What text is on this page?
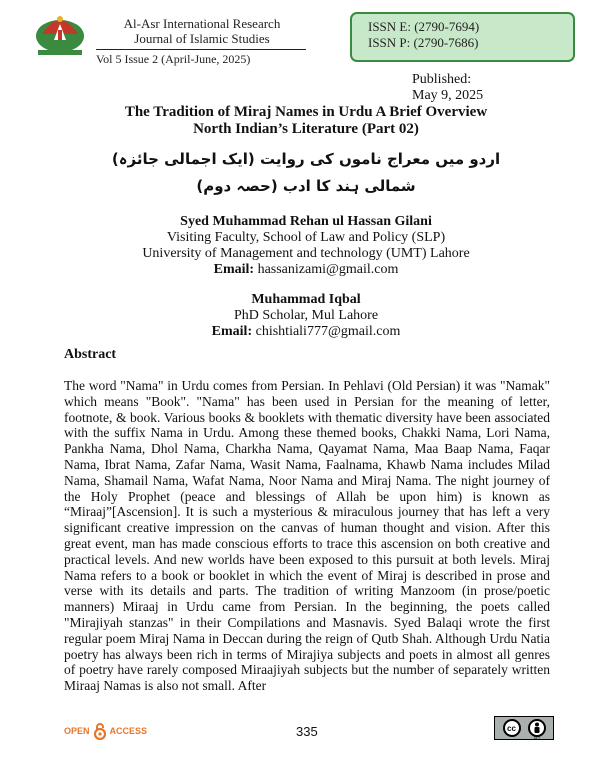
Al-Asr International Research
Journal of Islamic Studies
Vol 5 Issue 2 (April-June, 2025)
ISSN E: (2790-7694)
ISSN P: (2790-7686)
Published:
May 9, 2025
The Tradition of Miraj Names in Urdu A Brief Overview
North Indian’s Literature (Part 02)
اردو میں معراج ناموں کی روایت (ایک اجمالی جائزہ)
شمالی ہند کا ادب (حصہ دوم)
Syed Muhammad Rehan ul Hassan Gilani
Visiting Faculty, School of Law and Policy (SLP)
University of Management and technology (UMT) Lahore
Email: hassanizami@gmail.com
Muhammad Iqbal
PhD Scholar, Mul Lahore
Email: chishtiali777@gmail.com
Abstract
The word "Nama" in Urdu comes from Persian. In Pehlavi (Old Persian) it was "Namak" which means "Book". "Nama" has been used in Persian for the meaning of letter, footnote, & book. Various books & booklets with thematic diversity have been associated with the suffix Nama in Urdu. Among these themed books, Chakki Nama, Lori Nama, Pankha Nama, Dhol Nama, Charkha Nama, Qayamat Nama, Maa Baap Nama, Faqar Nama, Ibrat Nama, Zafar Nama, Wasit Nama, Faalnama, Khawb Nama includes Milad Nama, Shamail Nama, Wafat Nama, Noor Nama and Miraj Nama. The night journey of the Holy Prophet (peace and blessings of Allah be upon him) is known as “Miraaj”[Ascension]. It is such a mysterious & miraculous journey that has left a very significant creative impression on the canvas of human thought and vision. After this great event, man has made conscious efforts to trace this ascension on both creative and practical levels. And new worlds have been exposed to this pursuit at both levels. Miraj Nama refers to a book or booklet in which the event of Miraj is described in prose and verse with its details and parts. The tradition of writing Manzoom (in prose/poetic manners) Miraaj in Urdu came from Persian. In the beginning, the poets called "Mirajiyah stanzas" in their Compilations and Masnavis. Syed Balaqi wrote the first regular poem Miraj Nama in Deccan during the reign of Qutb Shah. Although Urdu Natia poetry has always been rich in terms of Mirajiya subjects and poets in almost all genres of poetry have rarely composed Miraajiyah subjects but the number of separately written Miraaj Namas is also not small. After
OPEN ACCESS	335	cc
BY
